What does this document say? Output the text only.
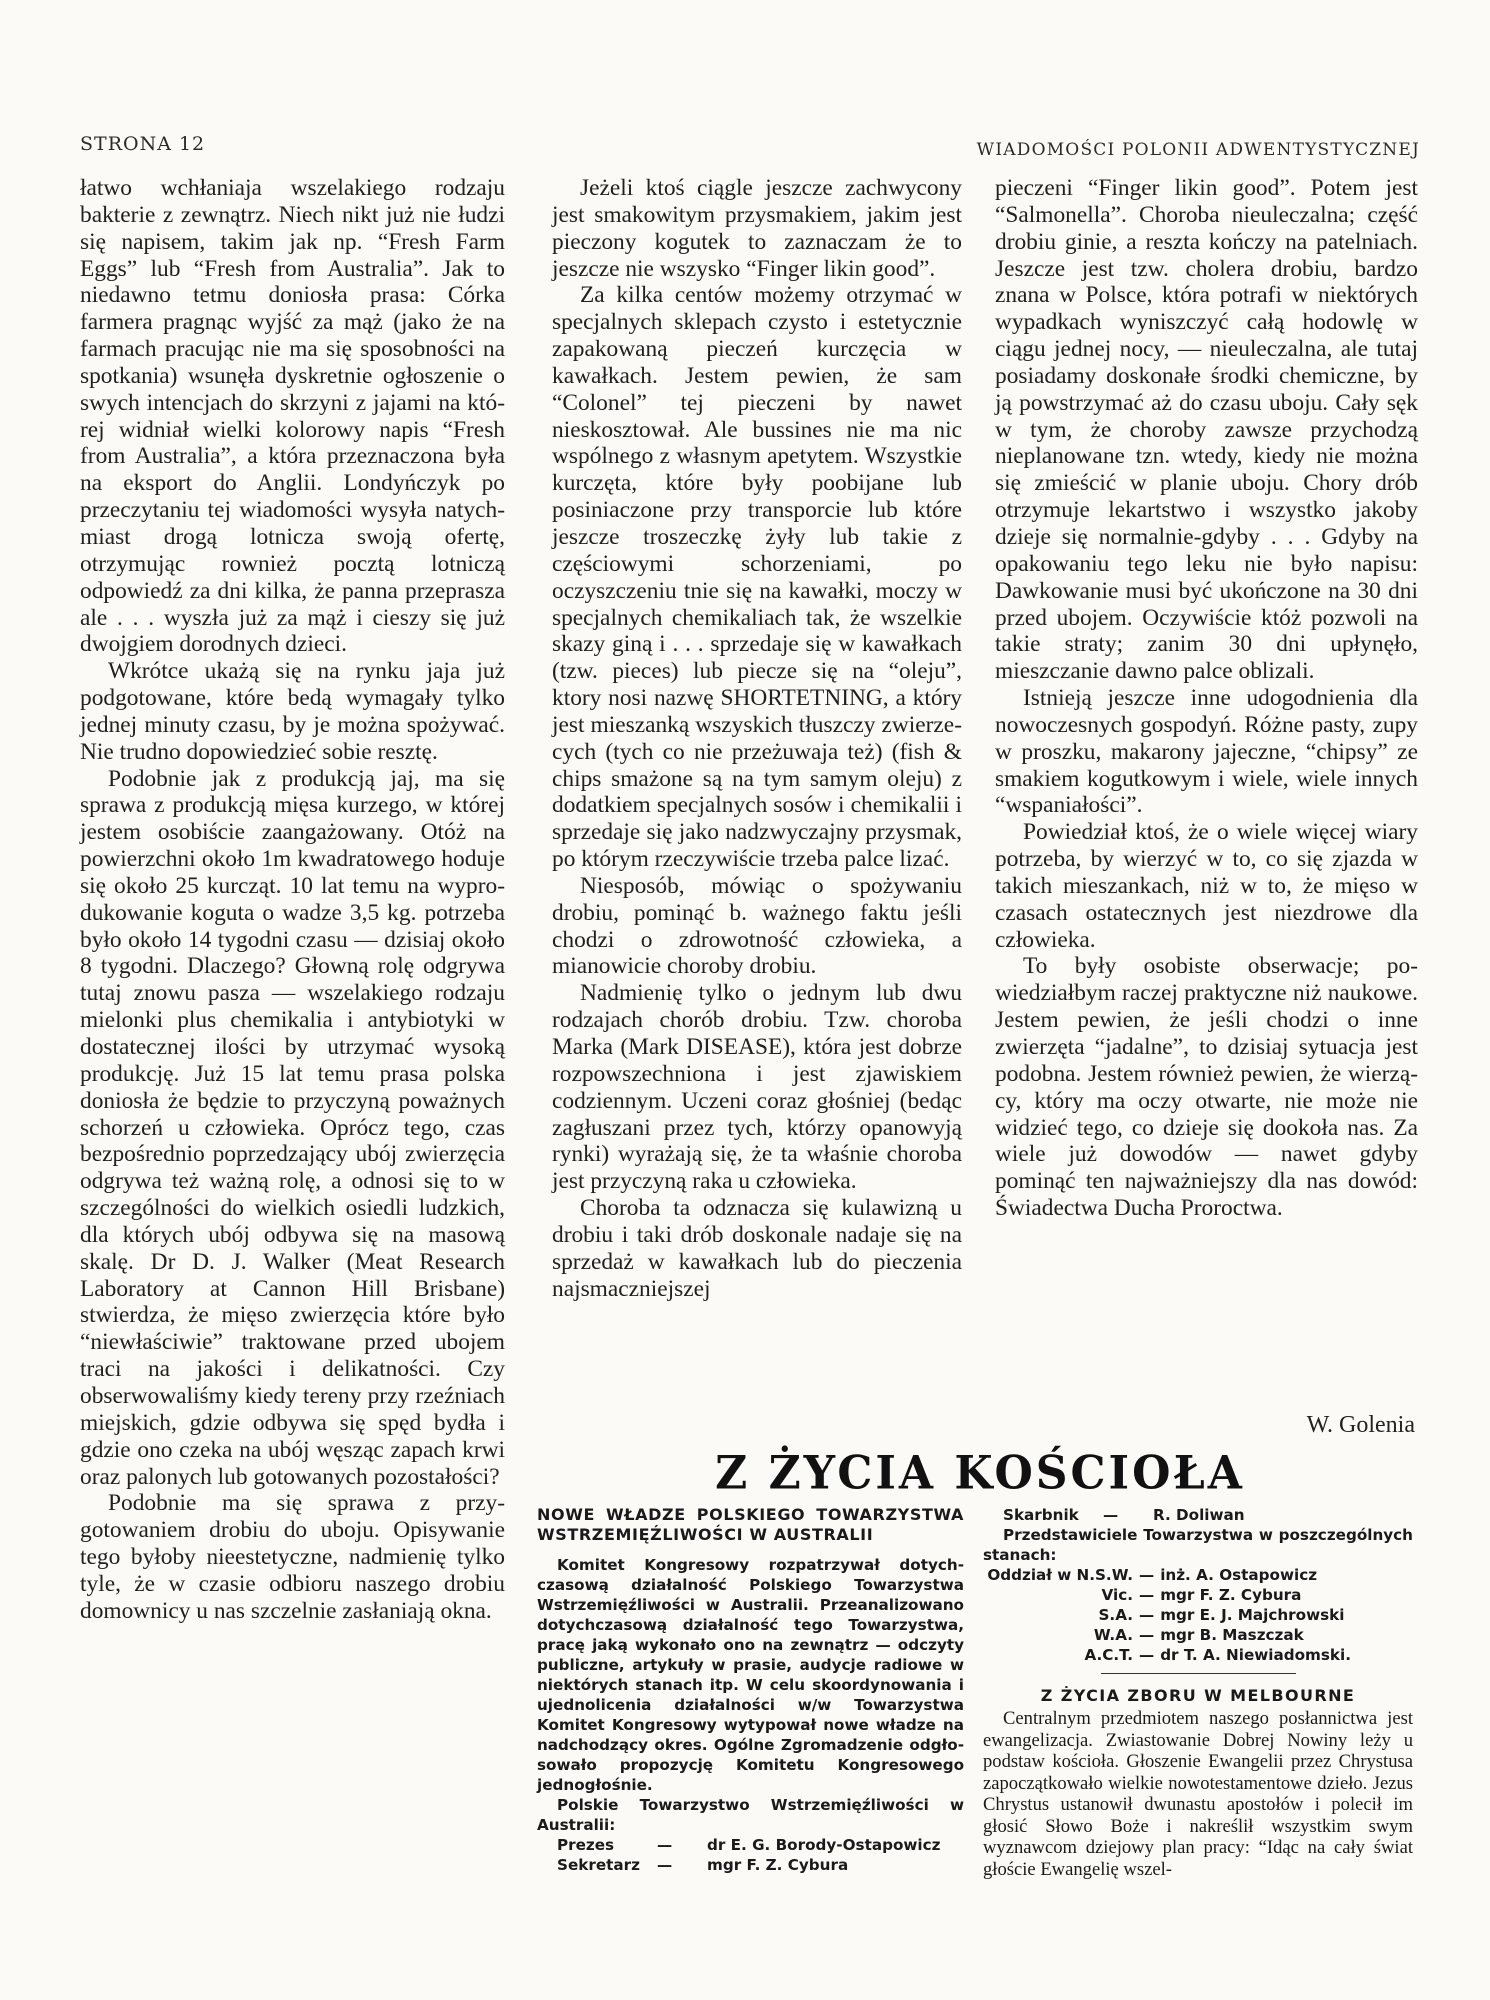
STRONA 12	WIADOMOŚCI POLONII ADWENTYSTYCZNEJ

łatwo wchłaniaja wszelakiego rodzaju bakterie z zewnątrz. Niech nikt już nie łudzi się napisem, takim jak np. “Fresh Farm Eggs” lub “Fresh from Australia”. Jak to niedawno tetmu doniosła prasa: Córka farmera pragnąc wyjść za mąż (jako że na farmach pracując nie ma się sposobności na spotkania) wsunęła dyskretnie ogłoszenie o swych intencjach do skrzyni z jajami na której widniał wielki kolorowy napis “Fresh from Australia”, a która przeznaczona była na eksport do Anglii. Londyńczyk po przeczytaniu tej wiadomości wysyła natychmiast drogą lotnicza swoją ofertę, otrzymując rownież pocztą lotniczą odpowiedź za dni kilka, że panna przeprasza ale . . . wyszła już za mąż i cieszy się już dwojgiem dorodnych dzieci.

Wkrótce ukażą się na rynku jaja już podgotowane, które bedą wymagały tylko jednej minuty czasu, by je można spożywać. Nie trudno dopowiedzieć sobie resztę.

Podobnie jak z produkcją jaj, ma się sprawa z produkcją mięsa kurzego, w której jestem osobiście zaangażowany. Otóż na powierzchni około 1m kwadratowego hoduje się około 25 kurcząt. 10 lat temu na wyprodukowanie koguta o wadze 3,5 kg. potrzeba było około 14 tygodni czasu — dzisiaj około 8 tygodni. Dlaczego? Głowną rolę odgrywa tutaj znowu pasza — wszelakiego rodzaju mielonki plus chemikalia i antybiotyki w dostatecznej ilości by utrzymać wysoką produkcję. Już 15 lat temu prasa polska doniosła że będzie to przyczyną poważnych schorzeń u człowieka. Oprócz tego, czas bezpośrednio poprzedzający ubój zwierzęcia odgrywa też ważną rolę, a odnosi się to w szczególności do wielkich osiedli ludzkich, dla których ubój odbywa się na masową skalę. Dr D. J. Walker (Meat Research Laboratory at Cannon Hill Brisbane) stwierdza, że mięso zwierzęcia które było “niewłaściwie” traktowane przed ubojem traci na jakości i delikatności. Czy obserwowaliśmy kiedy tereny przy rzeźniach miejskich, gdzie odbywa się spęd bydła i gdzie ono czeka na ubój węsząc zapach krwi oraz palonych lub gotowanych pozostałości?

Podobnie ma się sprawa z przygotowaniem drobiu do uboju. Opisywanie tego byłoby nieestetyczne, nadmienię tylko tyle, że w czasie odbioru naszego drobiu domownicy u nas szczelnie zasłaniają okna.

Jeżeli ktoś ciągle jeszcze zachwycony jest smakowitym przysmakiem, jakim jest pieczony kogutek to zaznaczam że to jeszcze nie wszysko “Finger likin good”.

Za kilka centów możemy otrzymać w specjalnych sklepach czysto i estetycznie zapakowaną pieczeń kurczęcia w kawałkach. Jestem pewien, że sam “Colonel” tej pieczeni by nawet nieskosztował. Ale bussines nie ma nic wspólnego z własnym apetytem. Wszystkie kurczęta, które były poobijane lub posiniaczone przy transporcie lub które jeszcze troszeczkę żyły lub takie z częściowymi schorzeniami, po oczyszczeniu tnie się na kawałki, moczy w specjalnych chemikaliach tak, że wszelkie skazy giną i . . . sprzedaje się w kawałkach (tzw. pieces) lub piecze się na “oleju”, ktory nosi nazwę SHORTETNING, a który jest mieszanką wszyskich tłuszczy zwierzecych (tych co nie przeżuwaja też) (fish & chips smażone są na tym samym oleju) z dodatkiem specjalnych sosów i chemikalii i sprzedaje się jako nadzwyczajny przysmak, po którym rzeczywiście trzeba palce lizać.

Niesposób, mówiąc o spożywaniu drobiu, pominąć b. ważnego faktu jeśli chodzi o zdrowotność człowieka, a mianowicie choroby drobiu.

Nadmienię tylko o jednym lub dwu rodzajach chorób drobiu. Tzw. choroba Marka (Mark DISEASE), która jest dobrze rozpowszechniona i jest zjawiskiem codziennym. Uczeni coraz głośniej (bedąc zagłuszani przez tych, którzy opanowyją rynki) wyrażają się, że ta właśnie choroba jest przyczyną raka u człowieka.

Choroba ta odznacza się kulawizną u drobiu i taki drób doskonale nadaje się na sprzedaż w kawałkach lub do pieczenia najsmaczniejszej

pieczeni “Finger likin good”. Potem jest “Salmonella”. Choroba nieuleczalna; część drobiu ginie, a reszta kończy na patelniach. Jeszcze jest tzw. cholera drobiu, bardzo znana w Polsce, która potrafi w niektórych wypadkach wyniszczyć całą hodowlę w ciągu jednej nocy, — nieuleczalna, ale tutaj posiadamy doskonałe środki chemiczne, by ją powstrzymać aż do czasu uboju. Cały sęk w tym, że choroby zawsze przychodzą nieplanowane tzn. wtedy, kiedy nie można się zmieścić w planie uboju. Chory drób otrzymuje lekartstwo i wszystko jakoby dzieje się normalnie-gdyby . . . Gdyby na opakowaniu tego leku nie było napisu: Dawkowanie musi być ukończone na 30 dni przed ubojem. Oczywiście któż pozwoli na takie straty; zanim 30 dni upłynęło, mieszczanie dawno palce oblizali.

Istnieją jeszcze inne udogodnienia dla nowoczesnych gospodyń. Różne pasty, zupy w proszku, makarony jajeczne, “chipsy” ze smakiem kogutkowym i wiele, wiele innych “wspaniałości”.

Powiedział ktoś, że o wiele więcej wiary potrzeba, by wierzyć w to, co się zjazda w takich mieszankach, niż w to, że mięso w czasach ostatecznych jest niezdrowe dla człowieka.

To były osobiste obserwacje; powiedziałbym raczej praktyczne niż naukowe. Jestem pewien, że jeśli chodzi o inne zwierzęta “jadalne”, to dzisiaj sytuacja jest podobna. Jestem również pewien, że wierzący, który ma oczy otwarte, nie może nie widzieć tego, co dzieje się dookoła nas. Za wiele już dowodów — nawet gdyby pominąć ten najważniejszy dla nas dowód: Świadectwa Ducha Proroctwa.

W. Golenia
Z ŻYCIA KOŚCIOŁA
NOWE WŁADZE POLSKIEGO TOWARZYSTWA WSTRZEMIĘŹLIWOŚCI W AUSTRALII

Komitet Kongresowy rozpatrzywał dotychczasową działalność Polskiego Towarzystwa Wstrzemięźliwości w Australii. Przeanalizowano dotychczasową działalność tego Towarzystwa, pracę jaką wykonało ono na zewnątrz — odczyty publiczne, artykuły w prasie, audycje radiowe w niektórych stanach itp. W celu skoordynowania i ujednolicenia działalności w/w Towarzystwa Komitet Kongresowy wytypował nowe władze na nadchodzący okres. Ogólne Zgromadzenie odgłosowało propozycję Komitetu Kongresowego jednogłośnie.

Polskie Towarzystwo Wstrzemięźliwości w Australii:

Prezes	—	dr E. G. Borody-Ostapowicz
Sekretarz	—	mgr F. Z. Cybura
Skarbnik	—	R. Doliwan

Przedstawiciele Towarzystwa w poszczególnych stanach:

Oddział w N.S.W. — inż. A. Ostapowicz
Vic. — mgr F. Z. Cybura
S.A. — mgr E. J. Majchrowski
W.A. — mgr B. Maszczak
A.C.T. — dr T. A. Niewiadomski.
Z ŻYCIA ZBORU W MELBOURNE

Centralnym przedmiotem naszego posłannictwa jest ewangelizacja. Zwiastowanie Dobrej Nowiny leży u podstaw kościoła. Głoszenie Ewangelii przez Chrystusa zapoczątkowało wielkie nowotestamentowe dzieło. Jezus Chrystus ustanowił dwunastu apostołów i polecił im głosić Słowo Boże i nakreślił wszystkim swym wyznawcom dziejowy plan pracy: “Idąc na cały świat głoście Ewangelię wszel-
